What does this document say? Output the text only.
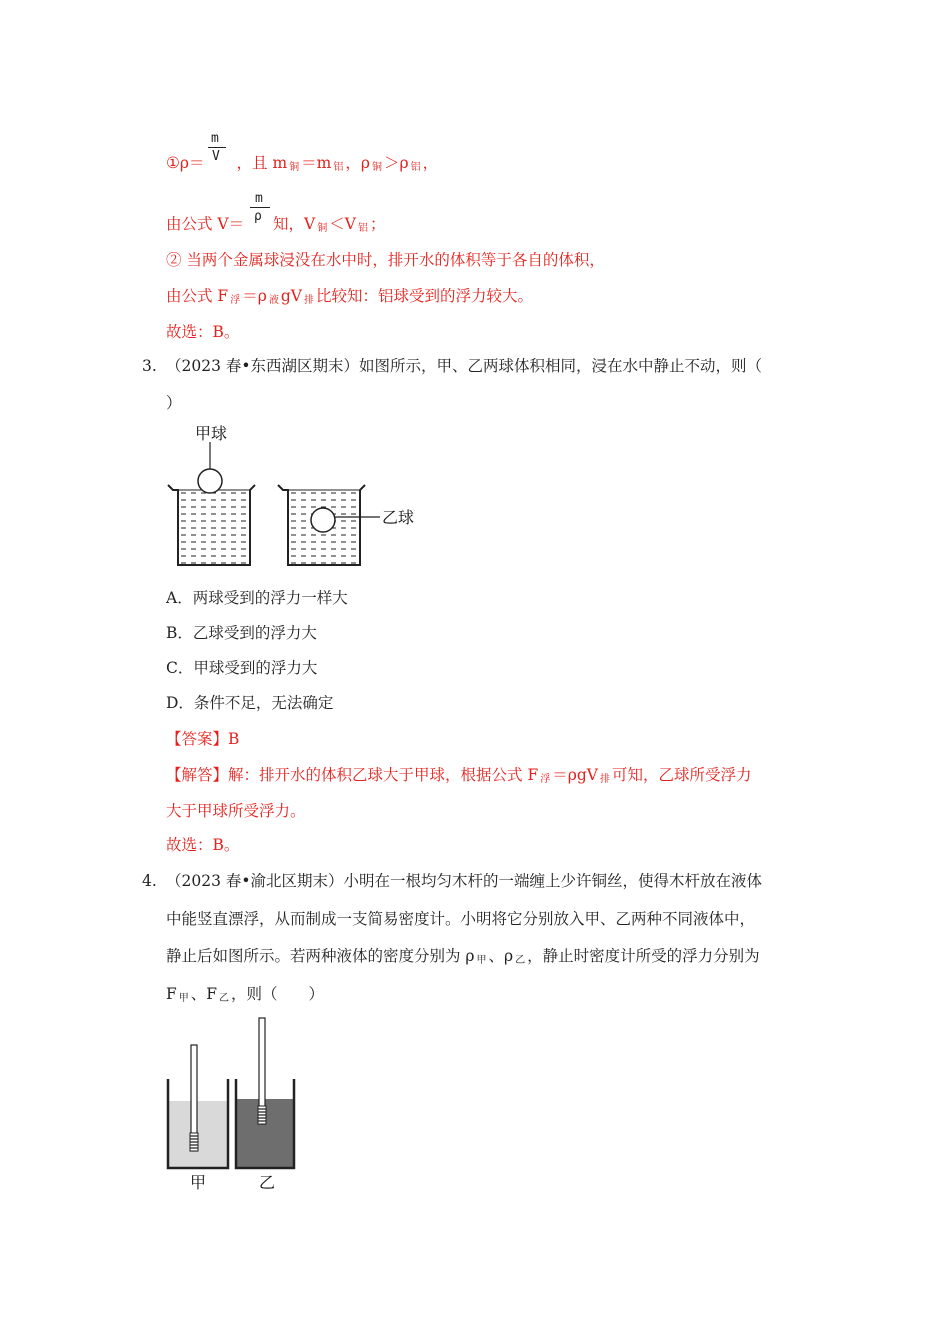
①ρ＝ ，且 m $_铜$ ＝m $_铝$ ，ρ $_铜$ ＞ρ $_铝$ ，
m
V
由公式 V＝ 知，V $_铜$ ＜V $_铝$ ；
m
ρ
② 当两个金属球浸没在水中时，排开水的体积等于各自的体积，
由公式 F $_浮$ ＝ρ $_液$ gV $_排$ 比较知：铝球受到的浮力较大。
故选：B。
3. （2023 春•东西湖区期末）如图所示，甲、乙两球体积相同，浸在水中静止不动，则（
）
甲球
乙球
A．两球受到的浮力一样大
B．乙球受到的浮力大
C．甲球受到的浮力大
D．条件不足，无法确定
【答案】B
【解答】解：排开水的体积乙球大于甲球，根据公式 F $_浮$ ＝ρgV $_排$ 可知，乙球所受浮力
大于甲球所受浮力。
故选：B。
4. （2023 春•渝北区期末）小明在一根均匀木杆的一端缠上少许铜丝，使得木杆放在液体
中能竖直漂浮，从而制成一支简易密度计。小明将它分别放入甲、乙两种不同液体中，
静止后如图所示。若两种液体的密度分别为 ρ $_甲$ 、ρ $_乙$ ，静止时密度计所受的浮力分别为
F $_甲$ 、F $_乙$ ，则（　　）
甲	乙
